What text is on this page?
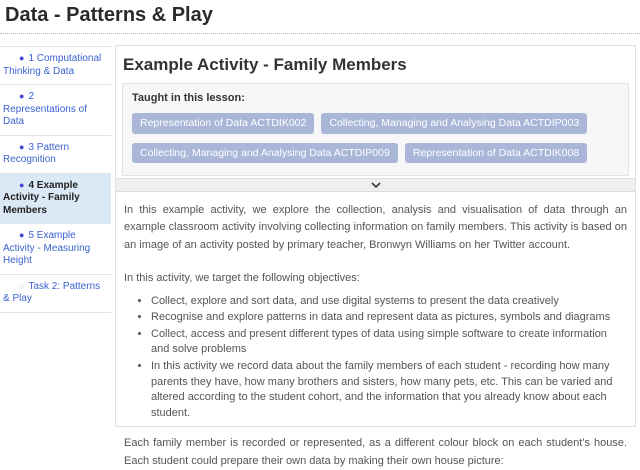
Data - Patterns & Play
● 1 Computational Thinking & Data
● 2 Representations of Data
● 3 Pattern Recognition
● 4 Example Activity - Family Members
● 5 Example Activity - Measuring Height
○ Task 2: Patterns & Play
Example Activity - Family Members
Taught in this lesson:
Representation of Data ACTDIK002	Collecting, Managing and Analysing Data ACTDIP003
Collecting, Managing and Analysing Data ACTDIP009	Representation of Data ACTDIK008

In this example activity, we explore the collection, analysis and visualisation of data through an example classroom activity involving collecting information on family members. This activity is based on an image of an activity posted by primary teacher, Bronwyn Williams on her Twitter account.

In this activity, we target the following objectives:

• Collect, explore and sort data, and use digital systems to present the data creatively
• Recognise and explore patterns in data and represent data as pictures, symbols and diagrams
• Collect, access and present different types of data using simple software to create information and solve problems
• In this activity we record data about the family members of each student - recording how many parents they have, how many brothers and sisters, how many pets, etc. This can be varied and altered according to the student cohort, and the information that you already know about each student.

Each family member is recorded or represented, as a different colour block on each student's house. Each student could prepare their own data by making their own house picture:
